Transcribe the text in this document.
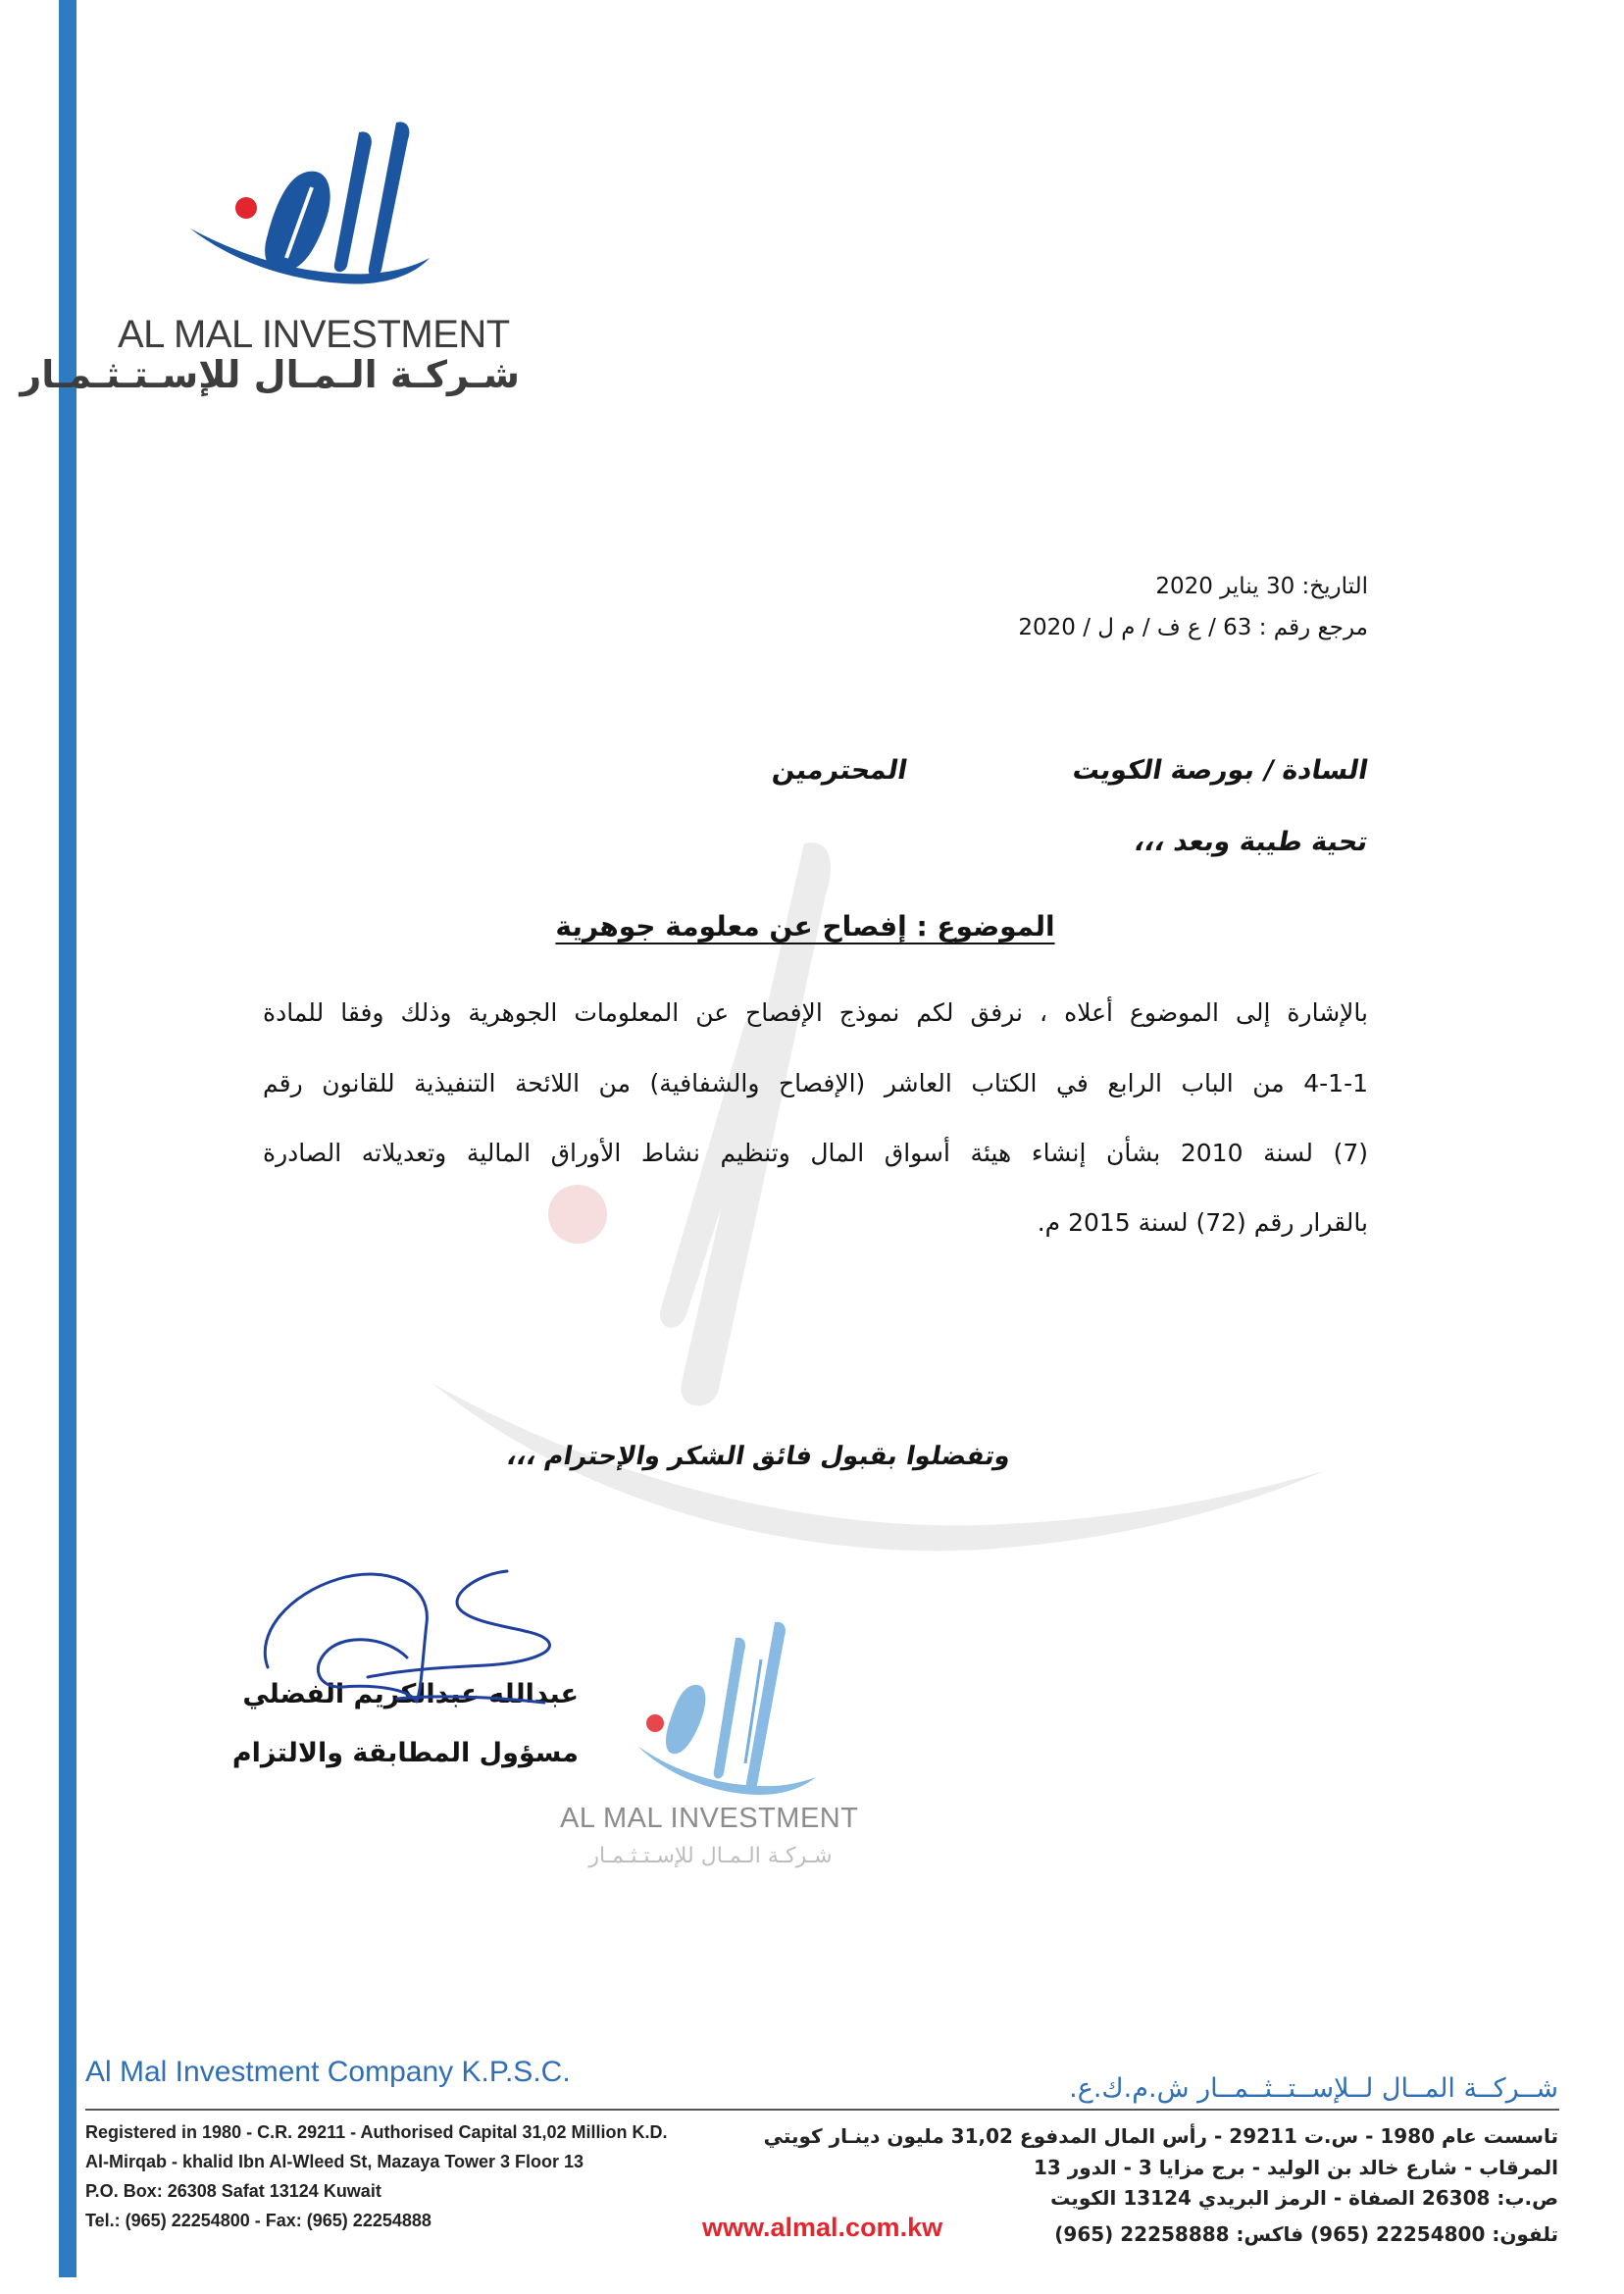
AL MAL INVESTMENT
شـركـة الـمـال للإسـتـثـمـار
التاريخ: 30 يناير 2020
مرجع رقم : 63 / ع ف / م ل / 2020
السادة / بورصة الكويت
المحترمين
تحية طيبة وبعد ،،،
الموضوع : إفصاح عن معلومة جوهرية
بالإشارة إلى الموضوع أعلاه ، نرفق لكم نموذج الإفصاح عن المعلومات الجوهرية وذلك وفقا للمادة
4-1-1 من الباب الرابع في الكتاب العاشر (الإفصاح والشفافية) من اللائحة التنفيذية للقانون رقم
(7) لسنة 2010 بشأن إنشاء هيئة أسواق المال وتنظيم نشاط الأوراق المالية وتعديلاته الصادرة
بالقرار رقم (72) لسنة 2015 م.
وتفضلوا بقبول فائق الشكر والإحترام ،،،
عبدالله عبدالكريم الفضلي
مسؤول المطابقة والالتزام
AL MAL INVESTMENT
شـركـة الـمـال للإسـتـثـمـار
Al Mal Investment Company K.P.S.C.
شــركــة المــال لــلإســتــثــمــار ش.م.ك.ع.
Registered in 1980 - C.R. 29211 - Authorised Capital 31,02 Million K.D.
Al-Mirqab - khalid Ibn Al-Wleed St, Mazaya Tower 3 Floor 13
P.O. Box: 26308 Safat 13124 Kuwait
Tel.: (965) 22254800 - Fax: (965) 22254888	www.almal.com.kw
تاسست عام 1980 - س.ت 29211 - رأس المال المدفوع 31,02 مليون دينـار كويتي
المرقاب - شارع خالد بن الوليد - برج مزايا 3 - الدور 13
ص.ب: 26308 الصفاة - الرمز البريدي 13124 الكويت
تلفون: 22254800 (965) فاكس: 22258888 (965)
